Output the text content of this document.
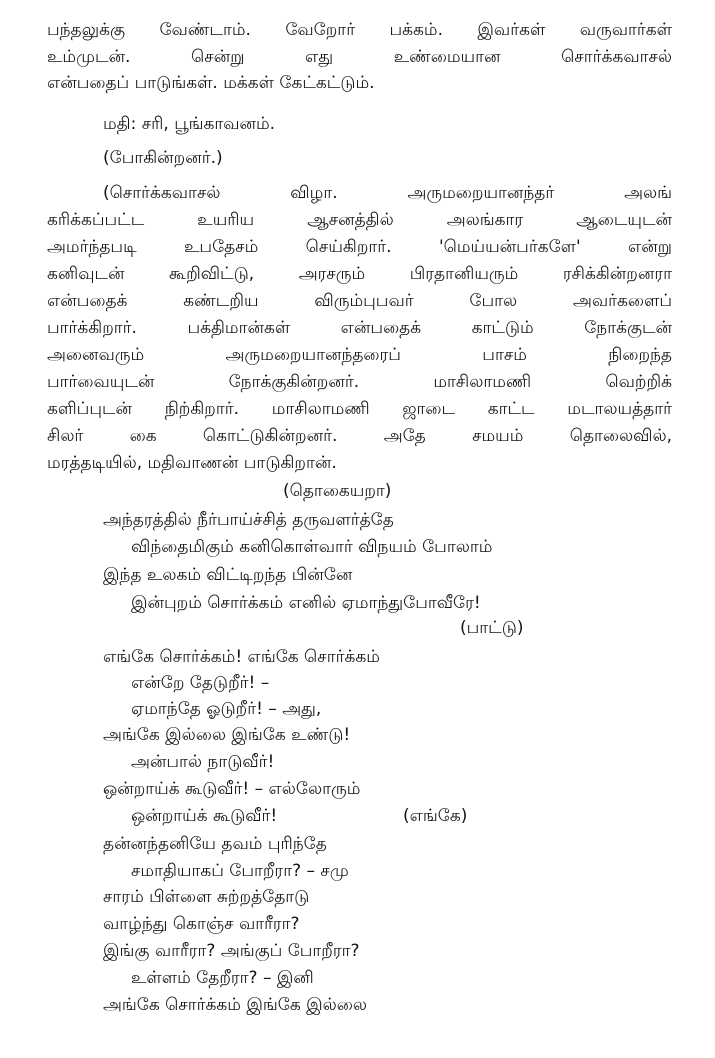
பந்தலுக்கு வேண்டாம். வேறோர் பக்கம். இவர்கள் வருவார்கள்

உம்முடன். சென்று எது உண்மையான சொர்க்கவாசல்

என்பதைப் பாடுங்கள். மக்கள் கேட்கட்டும்.

மதி: சரி, பூங்காவனம்.

(போகின்றனர்.)

(சொர்க்கவாசல் விழா. அருமறையானந்தர் அலங்

கரிக்கப்பட்ட உயரிய ஆசனத்தில் அலங்கார ஆடையுடன்

அமர்ந்தபடி உபதேசம் செய்கிறார். 'மெய்யன்பர்களே' என்று

கனிவுடன் கூறிவிட்டு, அரசரும் பிரதானியரும் ரசிக்கின்றனரா

என்பதைக் கண்டறிய விரும்புபவர் போல அவர்களைப்

பார்க்கிறார். பக்திமான்கள் என்பதைக் காட்டும் நோக்குடன்

அனைவரும் அருமறையானந்தரைப் பாசம் நிறைந்த

பார்வையுடன் நோக்குகின்றனர். மாசிலாமணி வெற்றிக்

களிப்புடன் நிற்கிறார். மாசிலாமணி ஜாடை காட்ட மடாலயத்தார்

சிலர் கை கொட்டுகின்றனர். அதே சமயம் தொலைவில்,

மரத்தடியில், மதிவாணன் பாடுகிறான்.

(தொகையறா)

அந்தரத்தில் நீர்பாய்ச்சித் தருவளர்த்தே

விந்தைமிகும் கனிகொள்வார் விநயம் போலாம்

இந்த உலகம் விட்டிறந்த பின்னே

இன்புறம் சொர்க்கம் எனில் ஏமாந்துபோவீரே!

(பாட்டு)

எங்கே சொர்க்கம்! எங்கே சொர்க்கம்

என்றே தேடுறீர்! –

ஏமாந்தே ஓடுறீர்! – அது,

அங்கே இல்லை இங்கே உண்டு!

அன்பால் நாடுவீர்!

ஒன்றாய்க் கூடுவீர்! – எல்லோரும்

ஒன்றாய்க் கூடுவீர்!	(எங்கே)

தன்னந்தனியே தவம் புரிந்தே

சமாதியாகப் போறீரா? – சமு

சாரம் பிள்ளை சுற்றத்தோடு

வாழ்ந்து கொஞ்ச வாரீரா?

இங்கு வாரீரா? அங்குப் போறீரா?

உள்ளம் தேறீரா? – இனி

அங்கே சொர்க்கம் இங்கே இல்லை
